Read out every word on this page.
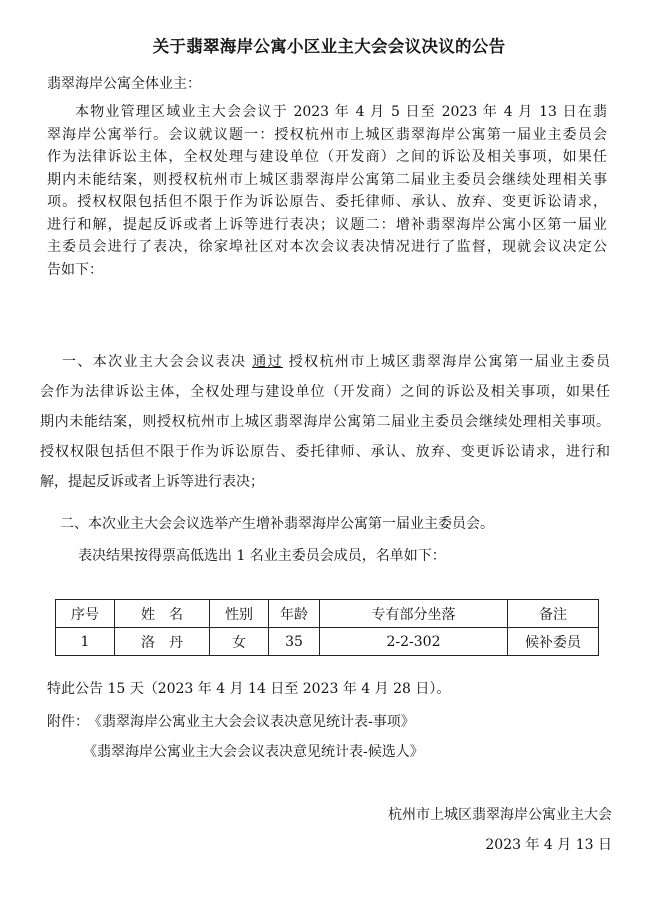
关于翡翠海岸公寓小区业主大会会议决议的公告
翡翠海岸公寓全体业主：
本物业管理区域业主大会会议于 2023 年 4 月 5 日至 2023 年 4 月 13 日在翡
翠海岸公寓举行。会议就议题一：授权杭州市上城区翡翠海岸公寓第一届业主委员会
作为法律诉讼主体，全权处理与建设单位（开发商）之间的诉讼及相关事项，如果任
期内未能结案，则授权杭州市上城区翡翠海岸公寓第二届业主委员会继续处理相关事
项。授权权限包括但不限于作为诉讼原告、委托律师、承认、放弃、变更诉讼请求，
进行和解，提起反诉或者上诉等进行表决；议题二：增补翡翠海岸公寓小区第一届业
主委员会进行了表决，徐家埠社区对本次会议表决情况进行了监督，现就会议决定公
告如下：
一、本次业主大会会议表决 通过 授权杭州市上城区翡翠海岸公寓第一届业主委员
会作为法律诉讼主体，全权处理与建设单位（开发商）之间的诉讼及相关事项，如果任
期内未能结案，则授权杭州市上城区翡翠海岸公寓第二届业主委员会继续处理相关事项。
授权权限包括但不限于作为诉讼原告、委托律师、承认、放弃、变更诉讼请求，进行和
解，提起反诉或者上诉等进行表决；
二、本次业主大会会议选举产生增补翡翠海岸公寓第一届业主委员会。
表决结果按得票高低选出 1 名业主委员会成员，名单如下：
序号	姓　名	性别	年龄	专有部分坐落	备注
1	洛　丹	女	35	2-2-302	候补委员
特此公告 15 天（2023 年 4 月 14 日至 2023 年 4 月 28 日）。
附件： 《翡翠海岸公寓业主大会会议表决意见统计表-事项》
《翡翠海岸公寓业主大会会议表决意见统计表-候选人》
杭州市上城区翡翠海岸公寓业主大会
2023 年 4 月 13 日
